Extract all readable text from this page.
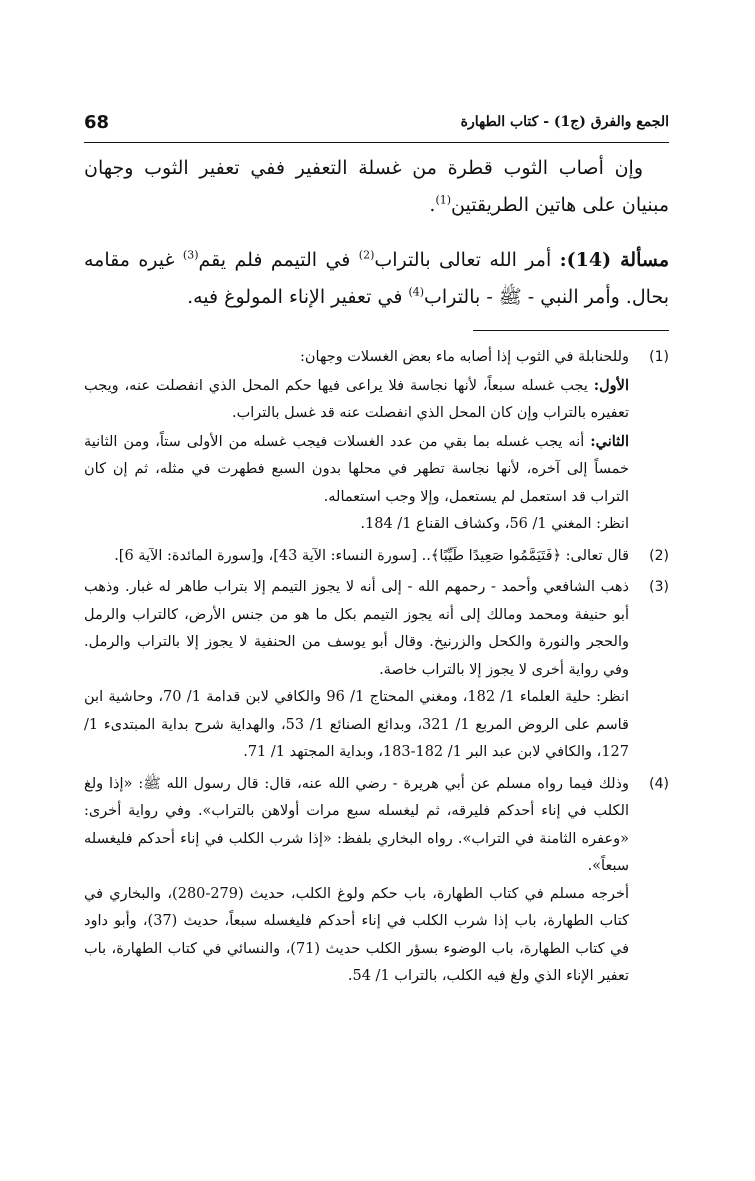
68	الجمع والفرق (ج1) - كتاب الطهارة

وإن أصاب الثوب قطرة من غسلة التعفير ففي تعفير الثوب وجهان مبنيان على هاتين الطريقتين$^{(1)}$.

مسألة (14): أمر الله تعالى بالتراب$^{(2)}$ في التيمم فلم يقم$^{(3)}$ غيره مقامه بحال. وأمر النبي - ﷺ - بالتراب$^{(4)}$ في تعفير الإناء المولوغ فيه.

(1)

وللحنابلة في الثوب إذا أصابه ماء بعض الغسلات وجهان:

الأول: يجب غسله سبعاً، لأنها نجاسة فلا يراعى فيها حكم المحل الذي انفصلت عنه، ويجب تعفيره بالتراب وإن كان المحل الذي انفصلت عنه قد غسل بالتراب.

الثاني: أنه يجب غسله بما بقي من عدد الغسلات فيجب غسله من الأولى ستاً، ومن الثانية خمساً إلى آخره، لأنها نجاسة تطهر في محلها بدون السبع فطهرت في مثله، ثم إن كان التراب قد استعمل لم يستعمل، وإلا وجب استعماله.

انظر: المغني 1/ 56، وكشاف القناع 1/ 184.

(2)

قال تعالى: ﴿فَتَيَمَّمُوا صَعِيدًا طَيِّبًا﴾.. [سورة النساء: الآية 43]، و[سورة المائدة: الآية 6].

(3)

ذهب الشافعي وأحمد - رحمهم الله - إلى أنه لا يجوز التيمم إلا بتراب طاهر له غبار. وذهب أبو حنيفة ومحمد ومالك إلى أنه يجوز التيمم بكل ما هو من جنس الأرض، كالتراب والرمل والحجر والنورة والكحل والزرنيخ. وقال أبو يوسف من الحنفية لا يجوز إلا بالتراب والرمل. وفي رواية أخرى لا يجوز إلا بالتراب خاصة.

انظر: حلية العلماء 1/ 182، ومغني المحتاج 1/ 96 والكافي لابن قدامة 1/ 70، وحاشية ابن قاسم على الروض المربع 1/ 321، وبدائع الصنائع 1/ 53، والهداية شرح بداية المبتدىء 1/ 127، والكافي لابن عبد البر 1/ 182-183، وبداية المجتهد 1/ 71.

(4)

وذلك فيما رواه مسلم عن أبي هريرة - رضي الله عنه، قال: قال رسول الله ﷺ: «إذا ولغ الكلب في إناء أحدكم فليرقه، ثم ليغسله سبع مرات أولاهن بالتراب». وفي رواية أخرى: «وعفره الثامنة في التراب». رواه البخاري بلفظ: «إذا شرب الكلب في إناء أحدكم فليغسله سبعاً».

أخرجه مسلم في كتاب الطهارة، باب حكم ولوغ الكلب، حديث (279-280)، والبخاري في كتاب الطهارة، باب إذا شرب الكلب في إناء أحدكم فليغسله سبعاً، حديث (37)، وأبو داود في كتاب الطهارة، باب الوضوء بسؤر الكلب حديث (71)، والنسائي في كتاب الطهارة، باب تعفير الإناء الذي ولغ فيه الكلب، بالتراب 1/ 54.
